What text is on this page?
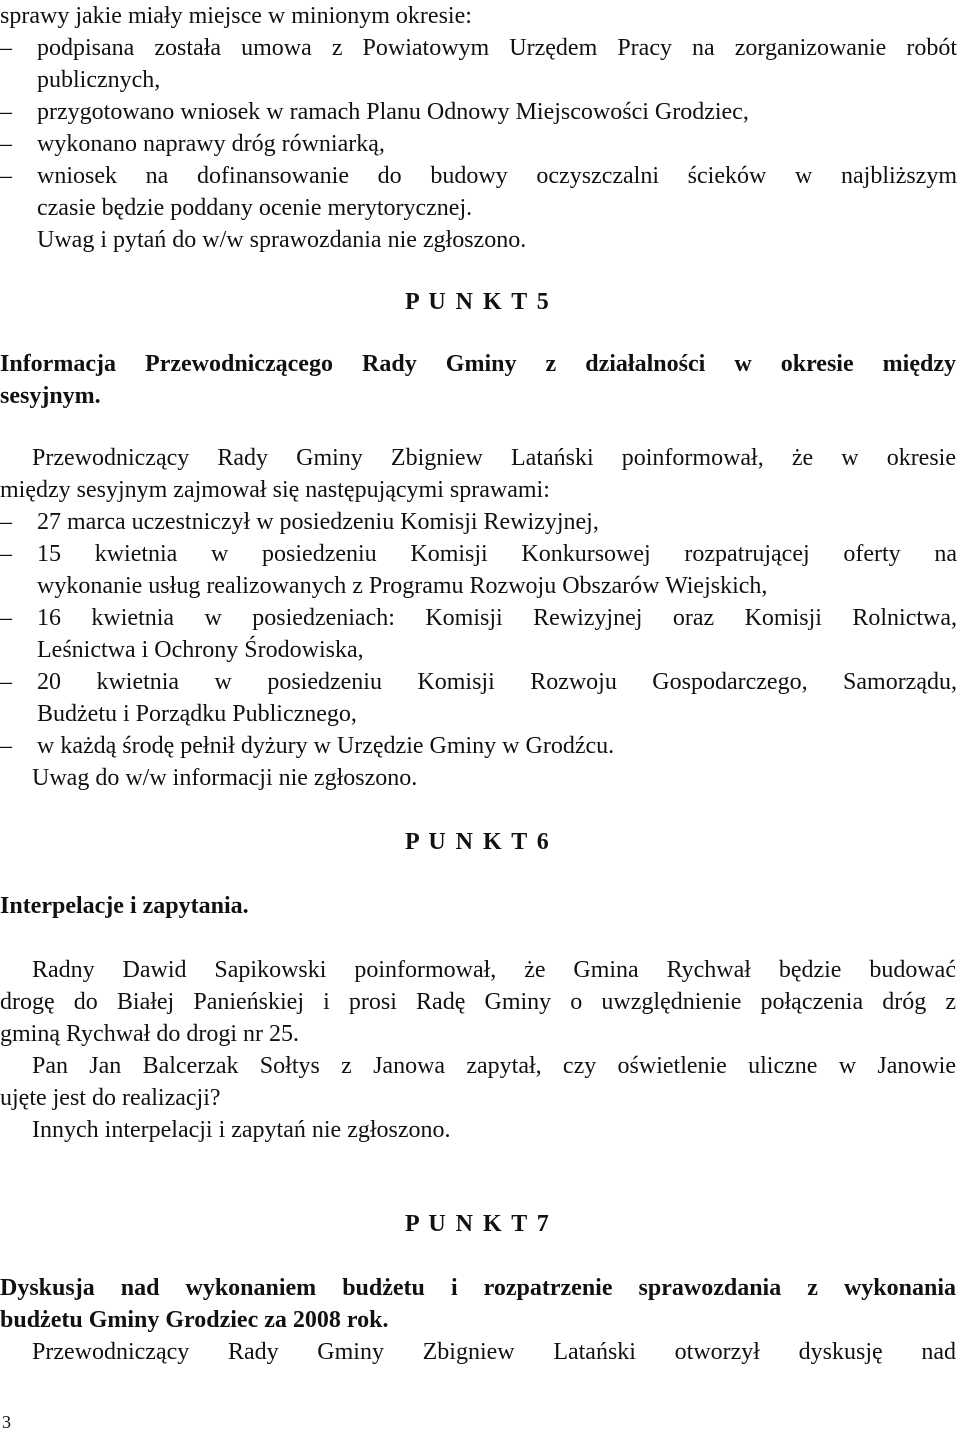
sprawy jakie miały miejsce w minionym okresie:
– podpisana została umowa z Powiatowym Urzędem Pracy na zorganizowanie robót
publicznych,
– przygotowano wniosek w ramach Planu Odnowy Miejscowości Grodziec,
– wykonano naprawy dróg równiarką,
– wniosek na dofinansowanie do budowy oczyszczalni ścieków w najbliższym
czasie będzie poddany ocenie merytorycznej.
Uwag i pytań do w/w sprawozdania nie zgłoszono.
P U N K T 5
Informacja Przewodniczącego Rady Gminy z działalności w okresie między
sesyjnym.
Przewodniczący Rady Gminy Zbigniew Latański poinformował, że w okresie
między sesyjnym zajmował się następującymi sprawami:
– 27 marca uczestniczył w posiedzeniu Komisji Rewizyjnej,
– 15 kwietnia w posiedzeniu Komisji Konkursowej rozpatrującej oferty na
wykonanie usług realizowanych z Programu Rozwoju Obszarów Wiejskich,
– 16 kwietnia w posiedzeniach: Komisji Rewizyjnej oraz Komisji Rolnictwa,
Leśnictwa i Ochrony Środowiska,
– 20 kwietnia w posiedzeniu Komisji Rozwoju Gospodarczego, Samorządu,
Budżetu i Porządku Publicznego,
– w każdą środę pełnił dyżury w Urzędzie Gminy w Grodźcu.
Uwag do w/w informacji nie zgłoszono.
P U N K T 6
Interpelacje i zapytania.
Radny Dawid Sapikowski poinformował, że Gmina Rychwał będzie budować
drogę do Białej Panieńskiej i prosi Radę Gminy o uwzględnienie połączenia dróg z
gminą Rychwał do drogi nr 25.
Pan Jan Balcerzak Sołtys z Janowa zapytał, czy oświetlenie uliczne w Janowie
ujęte jest do realizacji?
Innych interpelacji i zapytań nie zgłoszono.
P U N K T 7
Dyskusja nad wykonaniem budżetu i rozpatrzenie sprawozdania z wykonania
budżetu Gminy Grodziec za 2008 rok.
Przewodniczący Rady Gminy Zbigniew Latański otworzył dyskusję nad
3
